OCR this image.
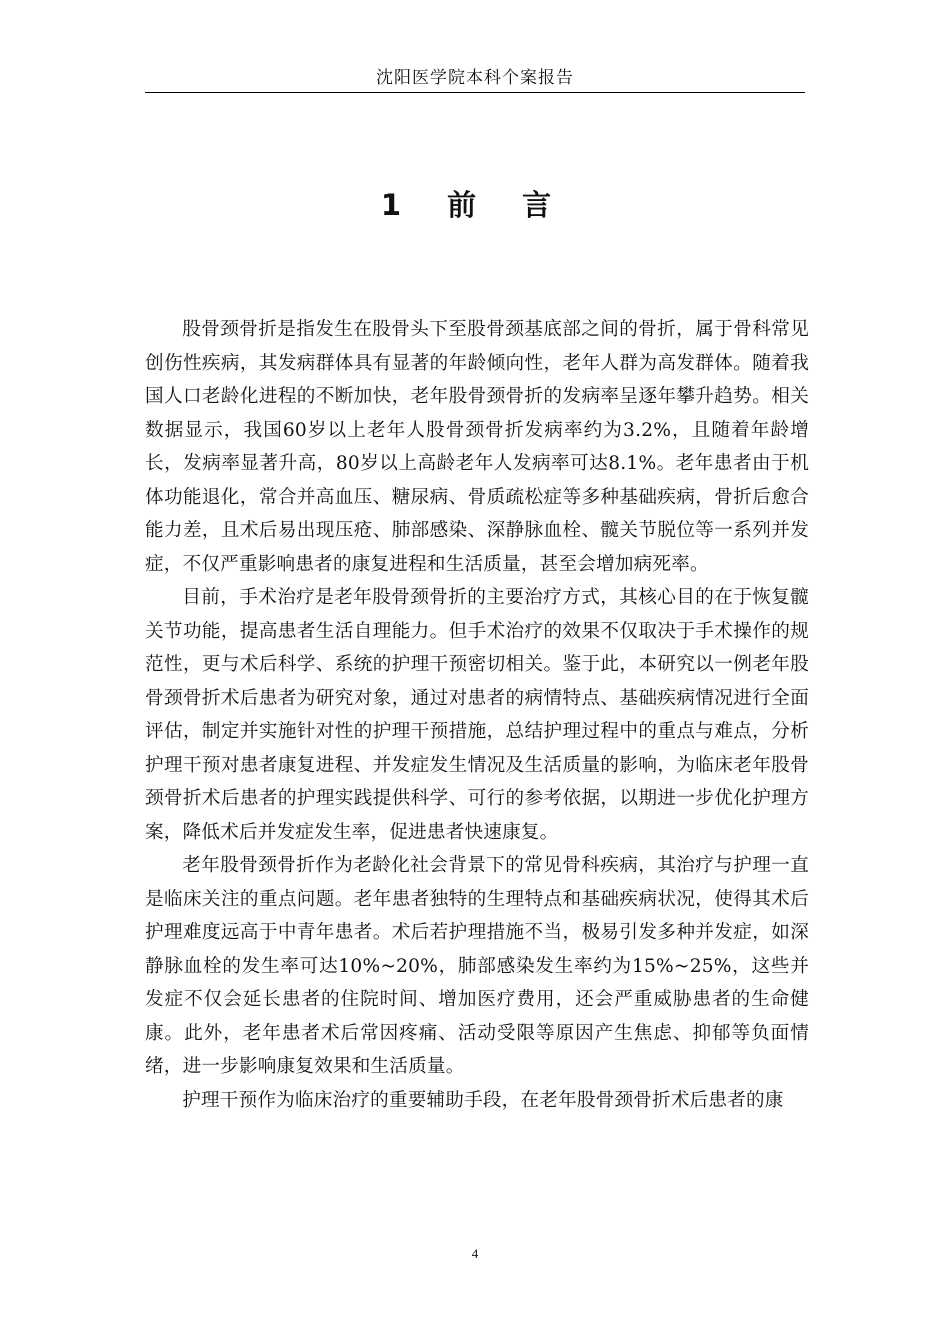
沈阳医学院本科个案报告
1 前 言

股骨颈骨折是指发生在股骨头下至股骨颈基底部之间的骨折，属于骨科常见创伤性疾病，其发病群体具有显著的年龄倾向性，老年人群为高发群体。随着我国人口老龄化进程的不断加快，老年股骨颈骨折的发病率呈逐年攀升趋势。相关数据显示，我国60岁以上老年人股骨颈骨折发病率约为3.2%，且随着年龄增长，发病率显著升高，80岁以上高龄老年人发病率可达8.1%。老年患者由于机体功能退化，常合并高血压、糖尿病、骨质疏松症等多种基础疾病，骨折后愈合能力差，且术后易出现压疮、肺部感染、深静脉血栓、髋关节脱位等一系列并发症，不仅严重影响患者的康复进程和生活质量，甚至会增加病死率。

目前，手术治疗是老年股骨颈骨折的主要治疗方式，其核心目的在于恢复髋关节功能，提高患者生活自理能力。但手术治疗的效果不仅取决于手术操作的规范性，更与术后科学、系统的护理干预密切相关。鉴于此，本研究以一例老年股骨颈骨折术后患者为研究对象，通过对患者的病情特点、基础疾病情况进行全面评估，制定并实施针对性的护理干预措施，总结护理过程中的重点与难点，分析护理干预对患者康复进程、并发症发生情况及生活质量的影响，为临床老年股骨颈骨折术后患者的护理实践提供科学、可行的参考依据，以期进一步优化护理方案，降低术后并发症发生率，促进患者快速康复。

老年股骨颈骨折作为老龄化社会背景下的常见骨科疾病，其治疗与护理一直是临床关注的重点问题。老年患者独特的生理特点和基础疾病状况，使得其术后护理难度远高于中青年患者。术后若护理措施不当，极易引发多种并发症，如深静脉血栓的发生率可达10%~20%，肺部感染发生率约为15%~25%，这些并发症不仅会延长患者的住院时间、增加医疗费用，还会严重威胁患者的生命健康。此外，老年患者术后常因疼痛、活动受限等原因产生焦虑、抑郁等负面情绪，进一步影响康复效果和生活质量。

护理干预作为临床治疗的重要辅助手段，在老年股骨颈骨折术后患者的康

4
